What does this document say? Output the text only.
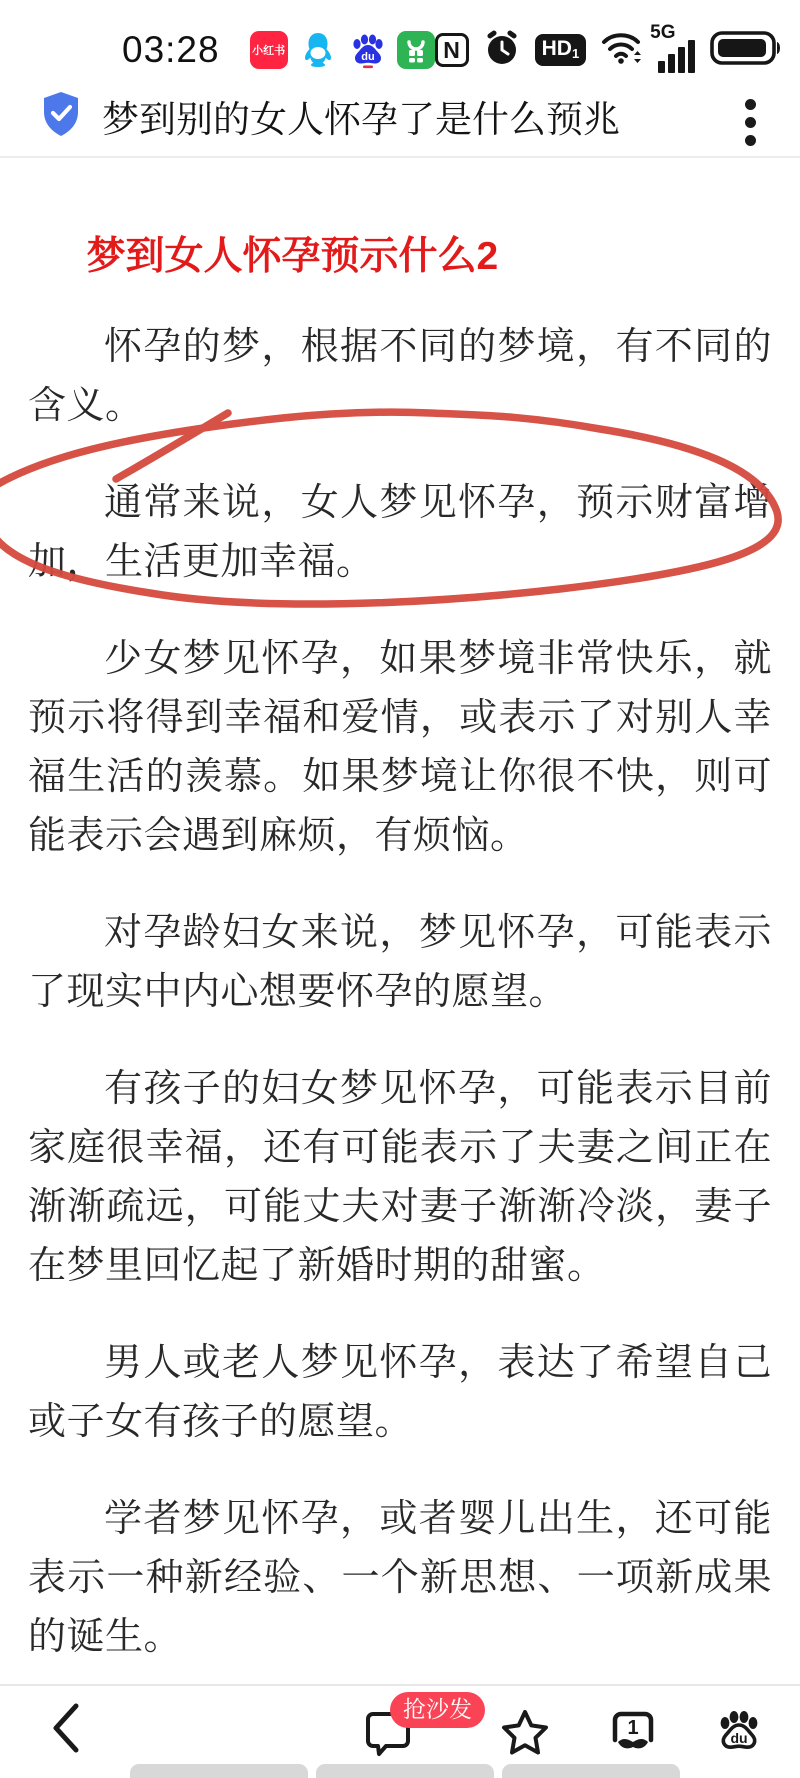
03:28	小红书	du	N	HD 1
5G
梦到别的女人怀孕了是什么预兆
梦到女人怀孕预示什么2

怀孕的梦，根据不同的梦境，有不同的含义。

通常来说，女人梦见怀孕，预示财富增加，生活更加幸福。

少女梦见怀孕，如果梦境非常快乐，就预示将得到幸福和爱情，或表示了对别人幸福生活的羡慕。如果梦境让你很不快，则可能表示会遇到麻烦，有烦恼。

对孕龄妇女来说，梦见怀孕，可能表示了现实中内心想要怀孕的愿望。

有孩子的妇女梦见怀孕，可能表示目前家庭很幸福，还有可能表示了夫妻之间正在渐渐疏远，可能丈夫对妻子渐渐冷淡，妻子在梦里回忆起了新婚时期的甜蜜。

男人或老人梦见怀孕，表达了希望自己或子女有孩子的愿望。

学者梦见怀孕，或者婴儿出生，还可能表示一种新经验、一个新思想、一项新成果的诞生。

抢沙发
1	du
